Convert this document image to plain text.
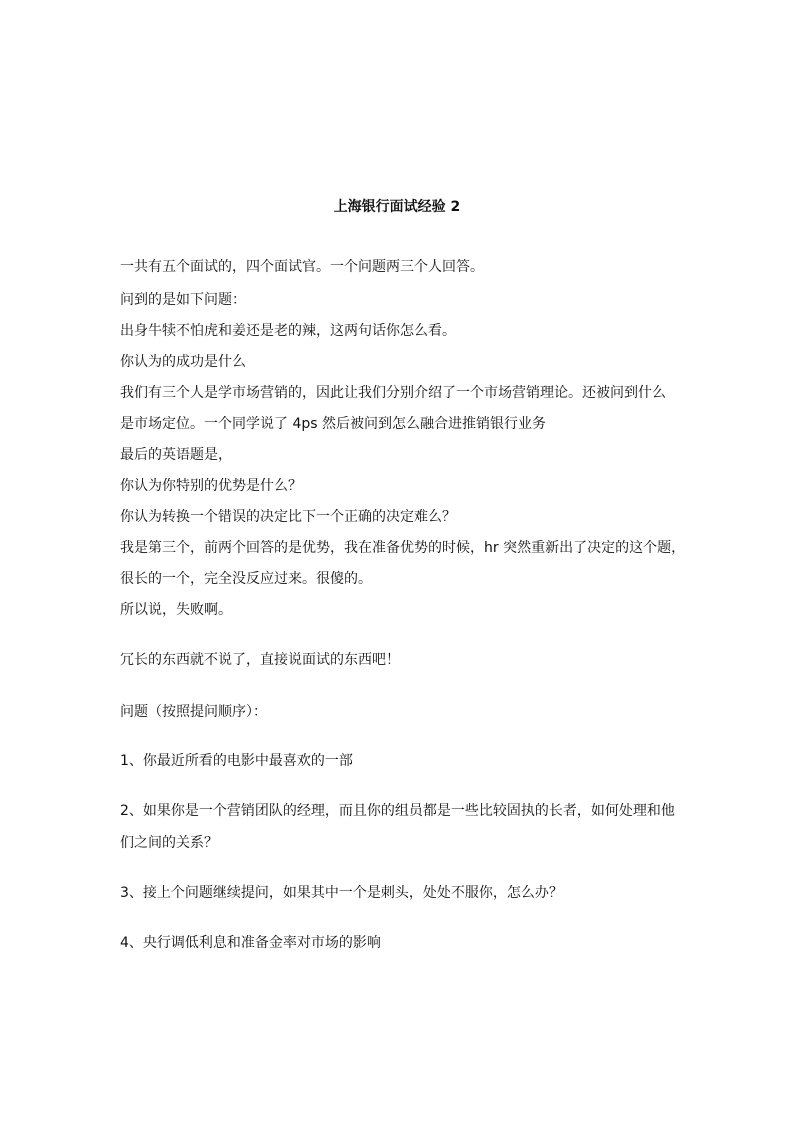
上海银行面试经验 2
一共有五个面试的，四个面试官。一个问题两三个人回答。
问到的是如下问题：
出身牛犊不怕虎和姜还是老的辣，这两句话你怎么看。
你认为的成功是什么
我们有三个人是学市场营销的，因此让我们分别介绍了一个市场营销理论。还被问到什么
是市场定位。一个同学说了 4ps 然后被问到怎么融合进推销银行业务
最后的英语题是，
你认为你特别的优势是什么？
你认为转换一个错误的决定比下一个正确的决定难么？
我是第三个，前两个回答的是优势，我在准备优势的时候，hr 突然重新出了决定的这个题，
很长的一个，完全没反应过来。很傻的。
所以说，失败啊。
冗长的东西就不说了，直接说面试的东西吧！
问题（按照提问顺序）：
1、你最近所看的电影中最喜欢的一部
2、如果你是一个营销团队的经理，而且你的组员都是一些比较固执的长者，如何处理和他
们之间的关系？
3、接上个问题继续提问，如果其中一个是刺头，处处不服你，怎么办？
4、央行调低利息和准备金率对市场的影响
